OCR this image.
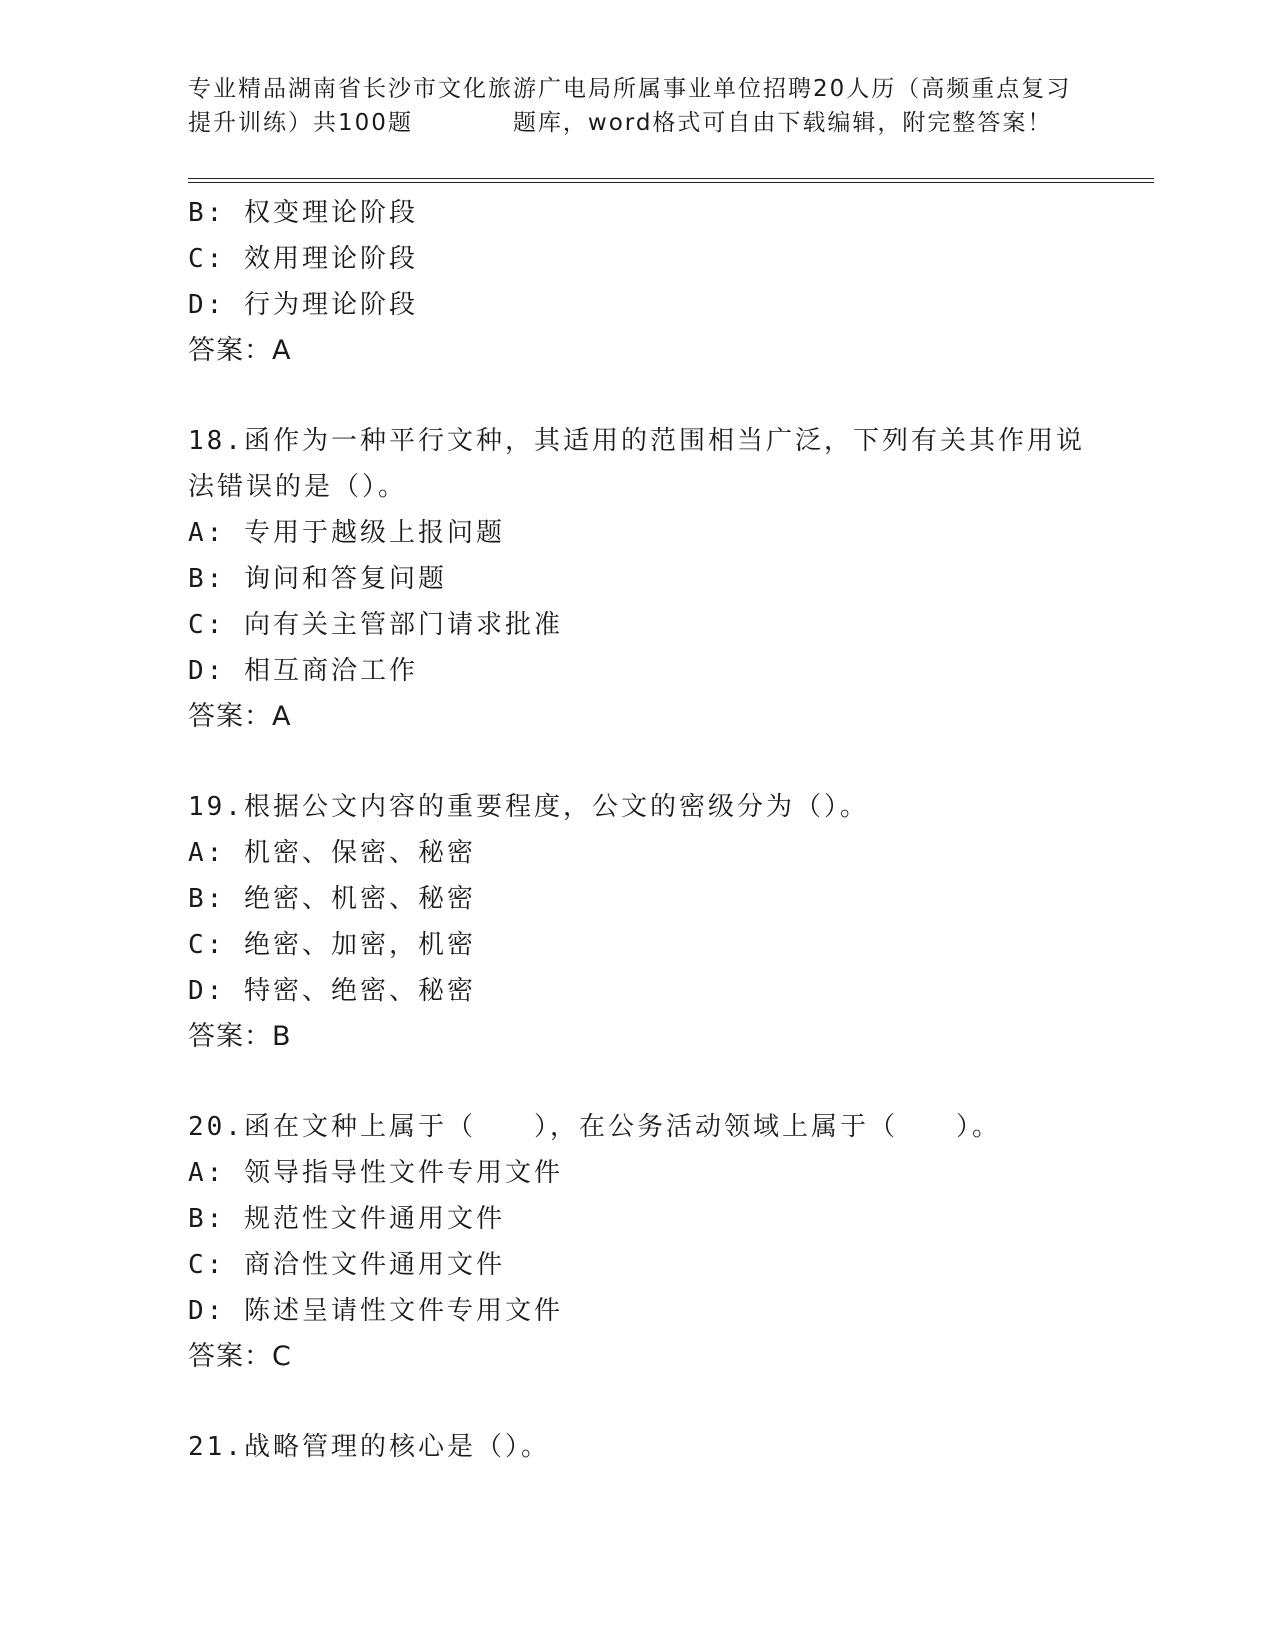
专业精品湖南省长沙市文化旅游广电局所属事业单位招聘20人历（高频重点复习
提升训练）共100题　　　　题库，word格式可自由下载编辑，附完整答案！
B: 权变理论阶段
C: 效用理论阶段
D: 行为理论阶段
答案：A
18.函作为一种平行文种，其适用的范围相当广泛，下列有关其作用说
法错误的是（）。
A: 专用于越级上报问题
B: 询问和答复问题
C: 向有关主管部门请求批准
D: 相互商洽工作
答案：A
19.根据公文内容的重要程度，公文的密级分为（）。
A: 机密、保密、秘密
B: 绝密、机密、秘密
C: 绝密、加密，机密
D: 特密、绝密、秘密
答案：B
20.函在文种上属于（　　），在公务活动领域上属于（　　）。
A: 领导指导性文件专用文件
B: 规范性文件通用文件
C: 商洽性文件通用文件
D: 陈述呈请性文件专用文件
答案：C
21.战略管理的核心是（）。
